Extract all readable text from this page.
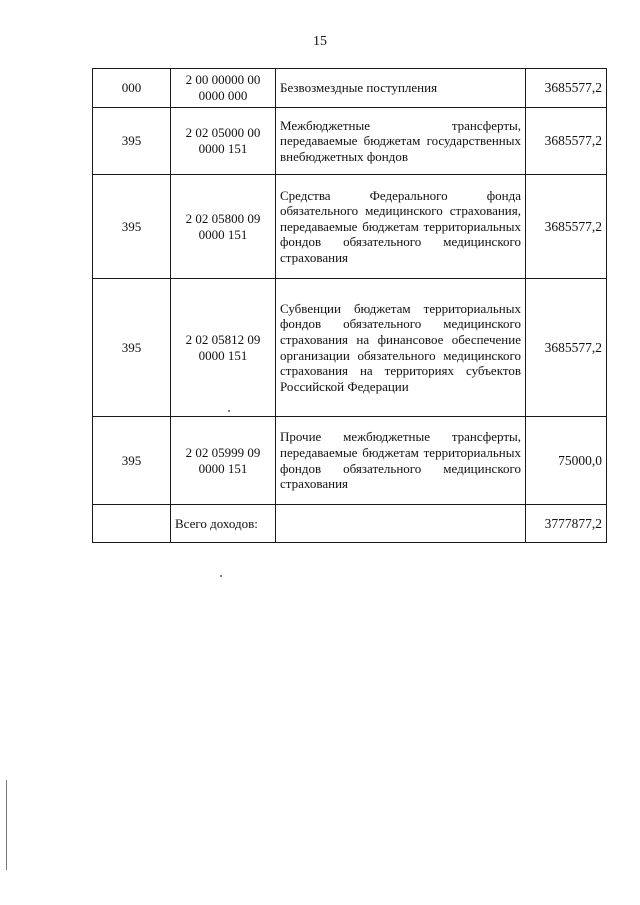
15
000	2 00 00000 00 0000 000	Безвозмездные поступления	3685577,2
395	2 02 05000 00 0000 151	Межбюджетные трансферты, передаваемые бюджетам государственных внебюджетных фондов	3685577,2
395	2 02 05800 09 0000 151	Средства Федерального фонда обязательного медицинского страхования, передаваемые бюджетам территориальных фондов обязательного медицинского страхования	3685577,2
395	2 02 05812 09 0000 151	Субвенции бюджетам территориальных фондов обязательного медицинского страхования на финансовое обеспечение организации обязательного медицинского страхования на территориях субъектов Российской Федерации	3685577,2
395	2 02 05999 09 0000 151	Прочие межбюджетные трансферты, передаваемые бюджетам территориальных фондов обязательного медицинского страхования	75000,0
	Всего доходов:		3777877,2
